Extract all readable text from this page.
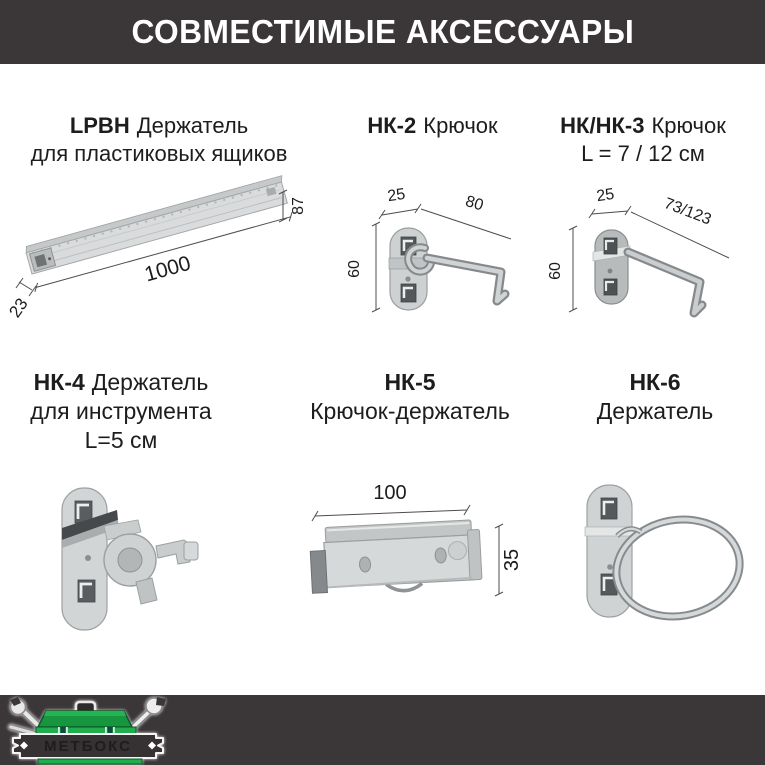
СОВМЕСТИМЫЕ АКСЕССУАРЫ
LPBH Держатель
для пластиковых ящиков
НК-2 Крючок	НК/НК-3 Крючок
L = 7 / 12 см
1000
87
23
25	80
60
25	73/123
60
НК-4 Держатель
для инструмента
L=5 см
НК-5
Крючок-держатель
НК-6
Держатель
100
35
МЕТБОКС
